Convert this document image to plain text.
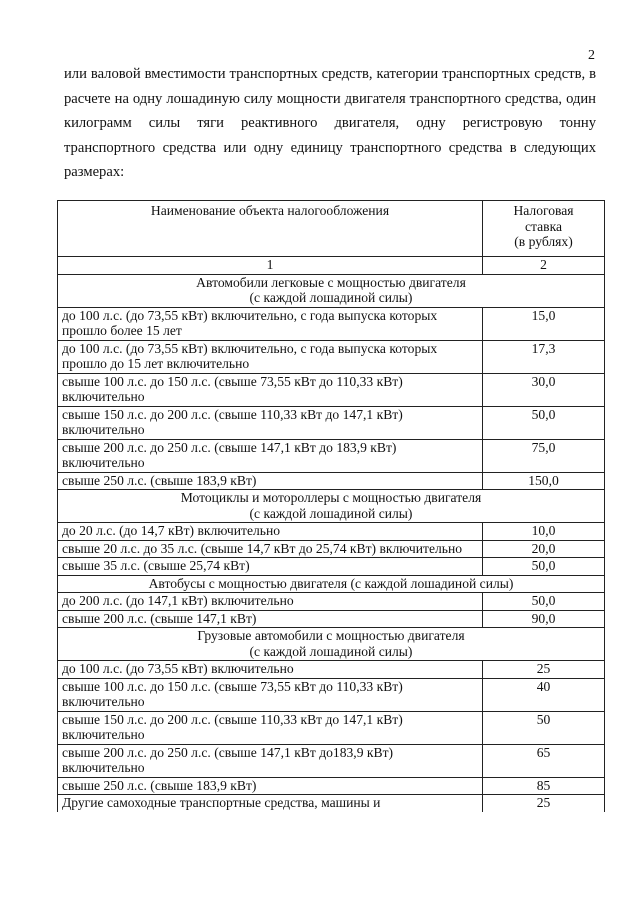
2
или валовой вместимости транспортных средств, категории транспортных средств, в расчете на одну лошадиную силу мощности двигателя транспортного средства, один килограмм силы тяги реактивного двигателя, одну регистровую тонну транспортного средства или одну единицу транспортного средства в следующих размерах:
Наименование объекта налогообложения	Налоговая
ставка
(в рублях)

1	2

Автомобили легковые с мощностью двигателя
(с каждой лошадиной силы)	

до 100 л.с. (до 73,55 кВт) включительно, с года выпуска которых прошло более 15 лет	15,0
до 100 л.с. (до 73,55 кВт) включительно, с года выпуска которых прошло до 15 лет включительно	17,3
свыше 100 л.с. до 150 л.с. (свыше 73,55 кВт до 110,33 кВт) включительно	30,0
свыше 150 л.с. до 200 л.с. (свыше 110,33 кВт до 147,1 кВт) включительно	50,0
свыше 200 л.с. до 250 л.с. (свыше 147,1 кВт до 183,9 кВт) включительно	75,0
свыше 250 л.с. (свыше 183,9 кВт)	150,0

Мотоциклы и мотороллеры с мощностью двигателя
(с каждой лошадиной силы)	

до 20 л.с. (до 14,7 кВт) включительно	10,0
свыше 20 л.с. до 35 л.с. (свыше 14,7 кВт до 25,74 кВт) включительно	20,0
свыше 35 л.с. (свыше 25,74 кВт)	50,0

Автобусы с мощностью двигателя (с каждой лошадиной силы)	

до 200 л.с. (до 147,1 кВт) включительно	50,0
свыше 200 л.с. (свыше 147,1 кВт)	90,0

Грузовые автомобили с мощностью двигателя
(с каждой лошадиной силы)	

до 100 л.с. (до 73,55 кВт) включительно	25
свыше 100 л.с. до 150 л.с. (свыше 73,55 кВт до 110,33 кВт) включительно	40
свыше 150 л.с. до 200 л.с. (свыше 110,33 кВт до 147,1 кВт) включительно	50
свыше 200 л.с. до 250 л.с. (свыше 147,1 кВт до183,9 кВт) включительно	65
свыше 250 л.с. (свыше 183,9 кВт)	85
Другие самоходные транспортные средства, машины и	25
